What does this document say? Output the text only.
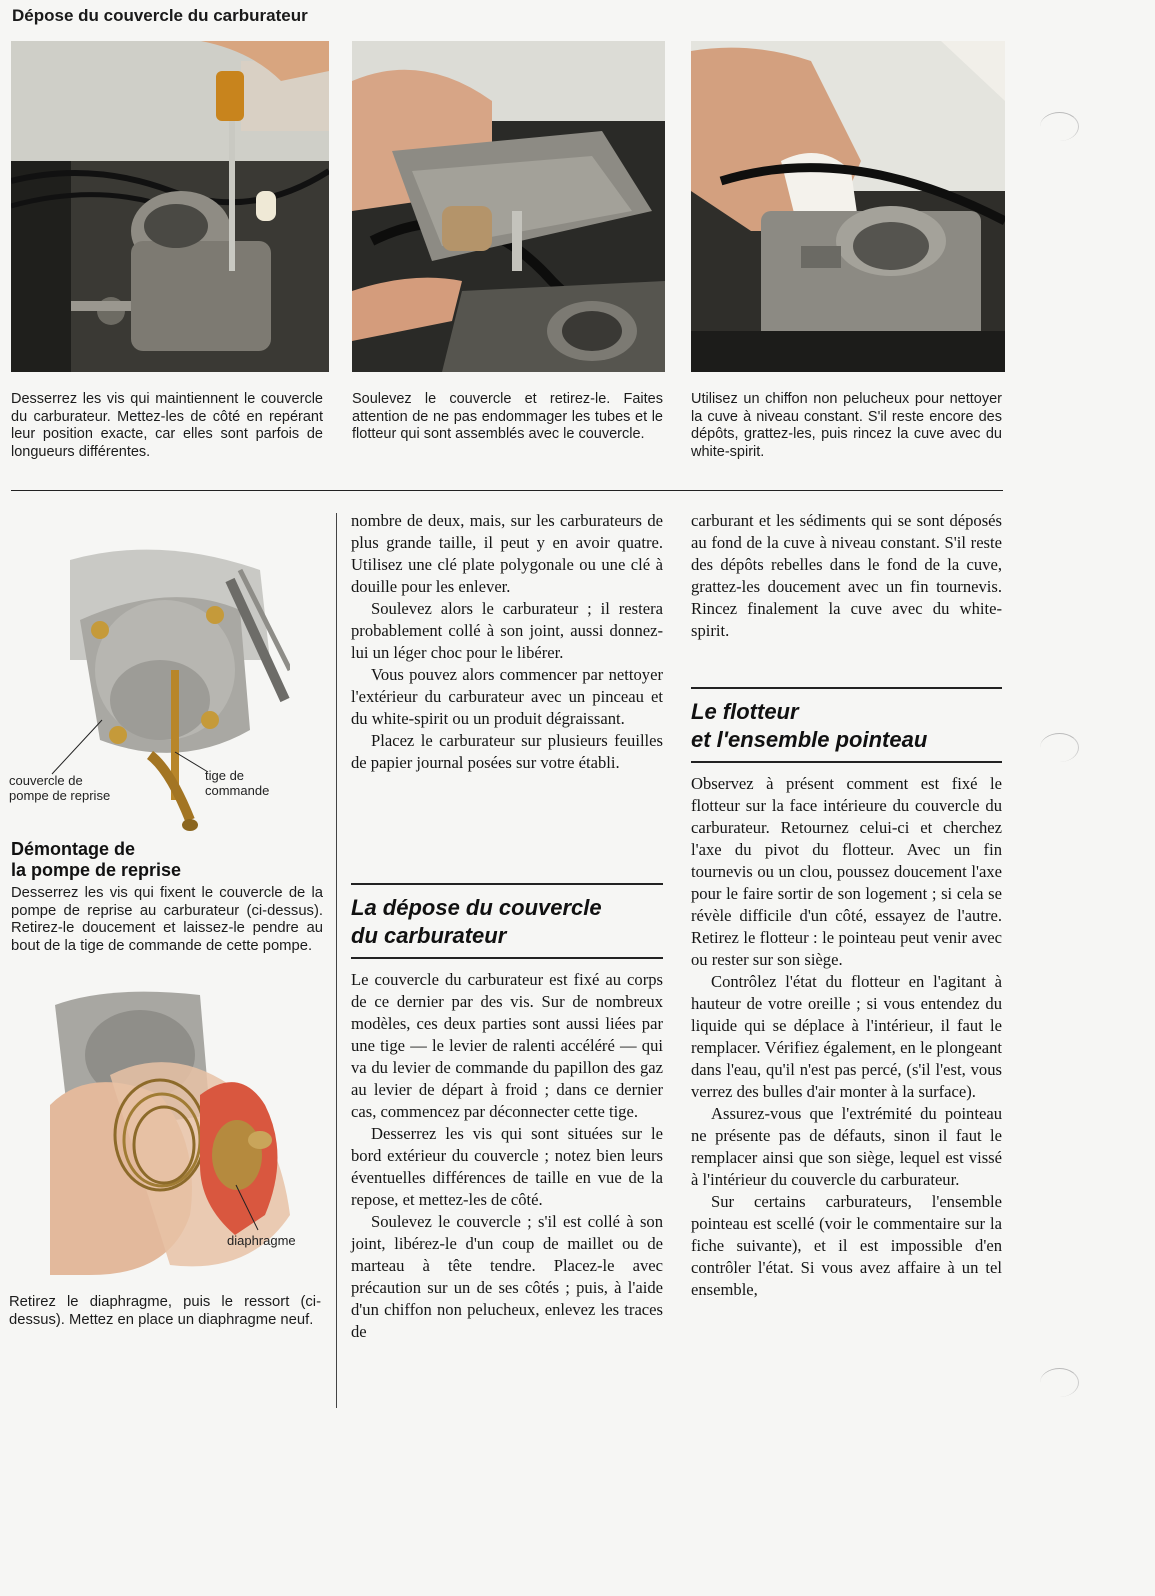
Dépose du couvercle du carburateur
Desserrez les vis qui maintiennent le couvercle du carburateur. Mettez-les de côté en repérant leur position exacte, car elles sont parfois de longueurs différentes.
Soulevez le couvercle et retirez-le. Faites attention de ne pas endommager les tubes et le flotteur qui sont assemblés avec le couvercle.
Utilisez un chiffon non pelucheux pour nettoyer la cuve à niveau constant. S'il reste encore des dépôts, grattez-les, puis rincez la cuve avec du white-spirit.
couvercle de
pompe de reprise
tige de
commande
Démontage de
la pompe de reprise
Desserrez les vis qui fixent le couvercle de la pompe de reprise au carburateur (ci-dessus). Retirez-le doucement et laissez-le pendre au bout de la tige de commande de cette pompe.
diaphragme
Retirez le diaphragme, puis le ressort (ci-dessus). Mettez en place un diaphragme neuf.

nombre de deux, mais, sur les carburateurs de plus grande taille, il peut y en avoir quatre. Utilisez une clé plate polygonale ou une clé à douille pour les enlever.

Soulevez alors le carburateur ; il restera probablement collé à son joint, aussi donnez-lui un léger choc pour le libérer.

Vous pouvez alors commencer par nettoyer l'extérieur du carburateur avec un pinceau et du white-spirit ou un produit dégraissant.

Placez le carburateur sur plusieurs feuilles de papier journal posées sur votre établi.

La dépose du couvercle
du carburateur

Le couvercle du carburateur est fixé au corps de ce dernier par des vis. Sur de nombreux modèles, ces deux parties sont aussi liées par une tige — le levier de ralenti accéléré — qui va du levier de commande du papillon des gaz au levier de départ à froid ; dans ce dernier cas, commencez par déconnecter cette tige.

Desserrez les vis qui sont situées sur le bord extérieur du couvercle ; notez bien leurs éventuelles différences de taille en vue de la repose, et mettez-les de côté.

Soulevez le couvercle ; s'il est collé à son joint, libérez-le d'un coup de maillet ou de marteau à tête tendre. Placez-le avec précaution sur un de ses côtés ; puis, à l'aide d'un chiffon non pelucheux, enlevez les traces de

carburant et les sédiments qui se sont déposés au fond de la cuve à niveau constant. S'il reste des dépôts rebelles dans le fond de la cuve, grattez-les doucement avec un fin tournevis. Rincez finalement la cuve avec du white-spirit.

Le flotteur
et l'ensemble pointeau

Observez à présent comment est fixé le flotteur sur la face intérieure du couvercle du carburateur. Retournez celui-ci et cherchez l'axe du pivot du flotteur. Avec un fin tournevis ou un clou, poussez doucement l'axe pour le faire sortir de son logement ; si cela se révèle difficile d'un côté, essayez de l'autre. Retirez le flotteur : le pointeau peut venir avec ou rester sur son siège.

Contrôlez l'état du flotteur en l'agitant à hauteur de votre oreille ; si vous entendez du liquide qui se déplace à l'intérieur, il faut le remplacer. Vérifiez également, en le plongeant dans l'eau, qu'il n'est pas percé, (s'il l'est, vous verrez des bulles d'air monter à la surface).

Assurez-vous que l'extrémité du pointeau ne présente pas de défauts, sinon il faut le remplacer ainsi que son siège, lequel est vissé à l'intérieur du couvercle du carburateur.

Sur certains carburateurs, l'ensemble pointeau est scellé (voir le commentaire sur la fiche suivante), et il est impossible d'en contrôler l'état. Si vous avez affaire à un tel ensemble,
